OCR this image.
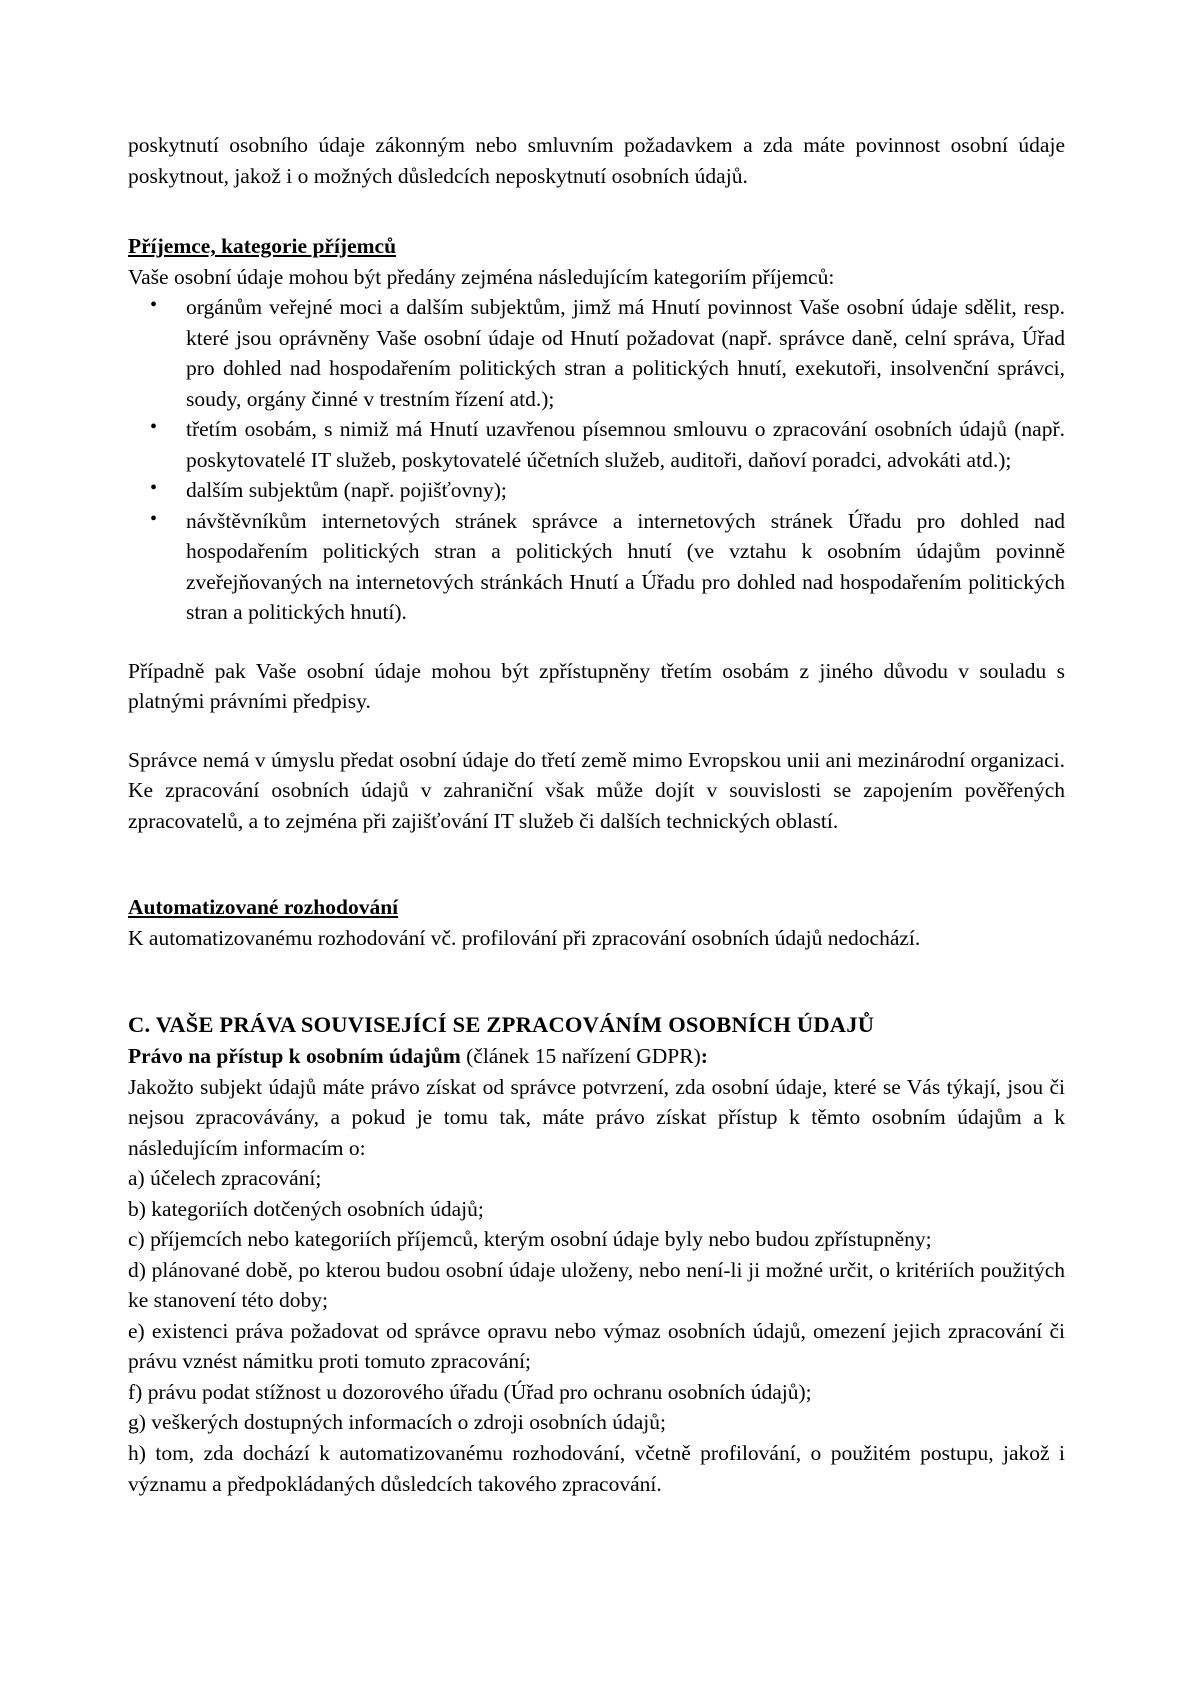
poskytnutí osobního údaje zákonným nebo smluvním požadavkem a zda máte povinnost osobní údaje poskytnout, jakož i o možných důsledcích neposkytnutí osobních údajů.

Příjemce, kategorie příjemců

Vaše osobní údaje mohou být předány zejména následujícím kategoriím příjemců:

• orgánům veřejné moci a dalším subjektům, jimž má Hnutí povinnost Vaše osobní údaje sdělit, resp. které jsou oprávněny Vaše osobní údaje od Hnutí požadovat (např. správce daně, celní správa, Úřad pro dohled nad hospodařením politických stran a politických hnutí, exekutoři, insolvenční správci, soudy, orgány činné v trestním řízení atd.);
• třetím osobám, s nimiž má Hnutí uzavřenou písemnou smlouvu o zpracování osobních údajů (např. poskytovatelé IT služeb, poskytovatelé účetních služeb, auditoři, daňoví poradci, advokáti atd.);
• dalším subjektům (např. pojišťovny);
• návštěvníkům internetových stránek správce a internetových stránek Úřadu pro dohled nad hospodařením politických stran a politických hnutí (ve vztahu k osobním údajům povinně zveřejňovaných na internetových stránkách Hnutí a Úřadu pro dohled nad hospodařením politických stran a politických hnutí).

Případně pak Vaše osobní údaje mohou být zpřístupněny třetím osobám z jiného důvodu v souladu s platnými právními předpisy.

Správce nemá v úmyslu předat osobní údaje do třetí země mimo Evropskou unii ani mezinárodní organizaci. Ke zpracování osobních údajů v zahraniční však může dojít v souvislosti se zapojením pověřených zpracovatelů, a to zejména při zajišťování IT služeb či dalších technických oblastí.

Automatizované rozhodování

K automatizovanému rozhodování vč. profilování při zpracování osobních údajů nedochází.

C. VAŠE PRÁVA SOUVISEJÍCÍ SE ZPRACOVÁNÍM OSOBNÍCH ÚDAJŮ

Právo na přístup k osobním údajům (článek 15 nařízení GDPR):

Jakožto subjekt údajů máte právo získat od správce potvrzení, zda osobní údaje, které se Vás týkají, jsou či nejsou zpracovávány, a pokud je tomu tak, máte právo získat přístup k těmto osobním údajům a k následujícím informacím o:

a) účelech zpracování;

b) kategoriích dotčených osobních údajů;

c) příjemcích nebo kategoriích příjemců, kterým osobní údaje byly nebo budou zpřístupněny;

d) plánované době, po kterou budou osobní údaje uloženy, nebo není-li ji možné určit, o kritériích použitých ke stanovení této doby;

e) existenci práva požadovat od správce opravu nebo výmaz osobních údajů, omezení jejich zpracování či právu vznést námitku proti tomuto zpracování;

f) právu podat stížnost u dozorového úřadu (Úřad pro ochranu osobních údajů);

g) veškerých dostupných informacích o zdroji osobních údajů;

h) tom, zda dochází k automatizovanému rozhodování, včetně profilování, o použitém postupu, jakož i významu a předpokládaných důsledcích takového zpracování.
